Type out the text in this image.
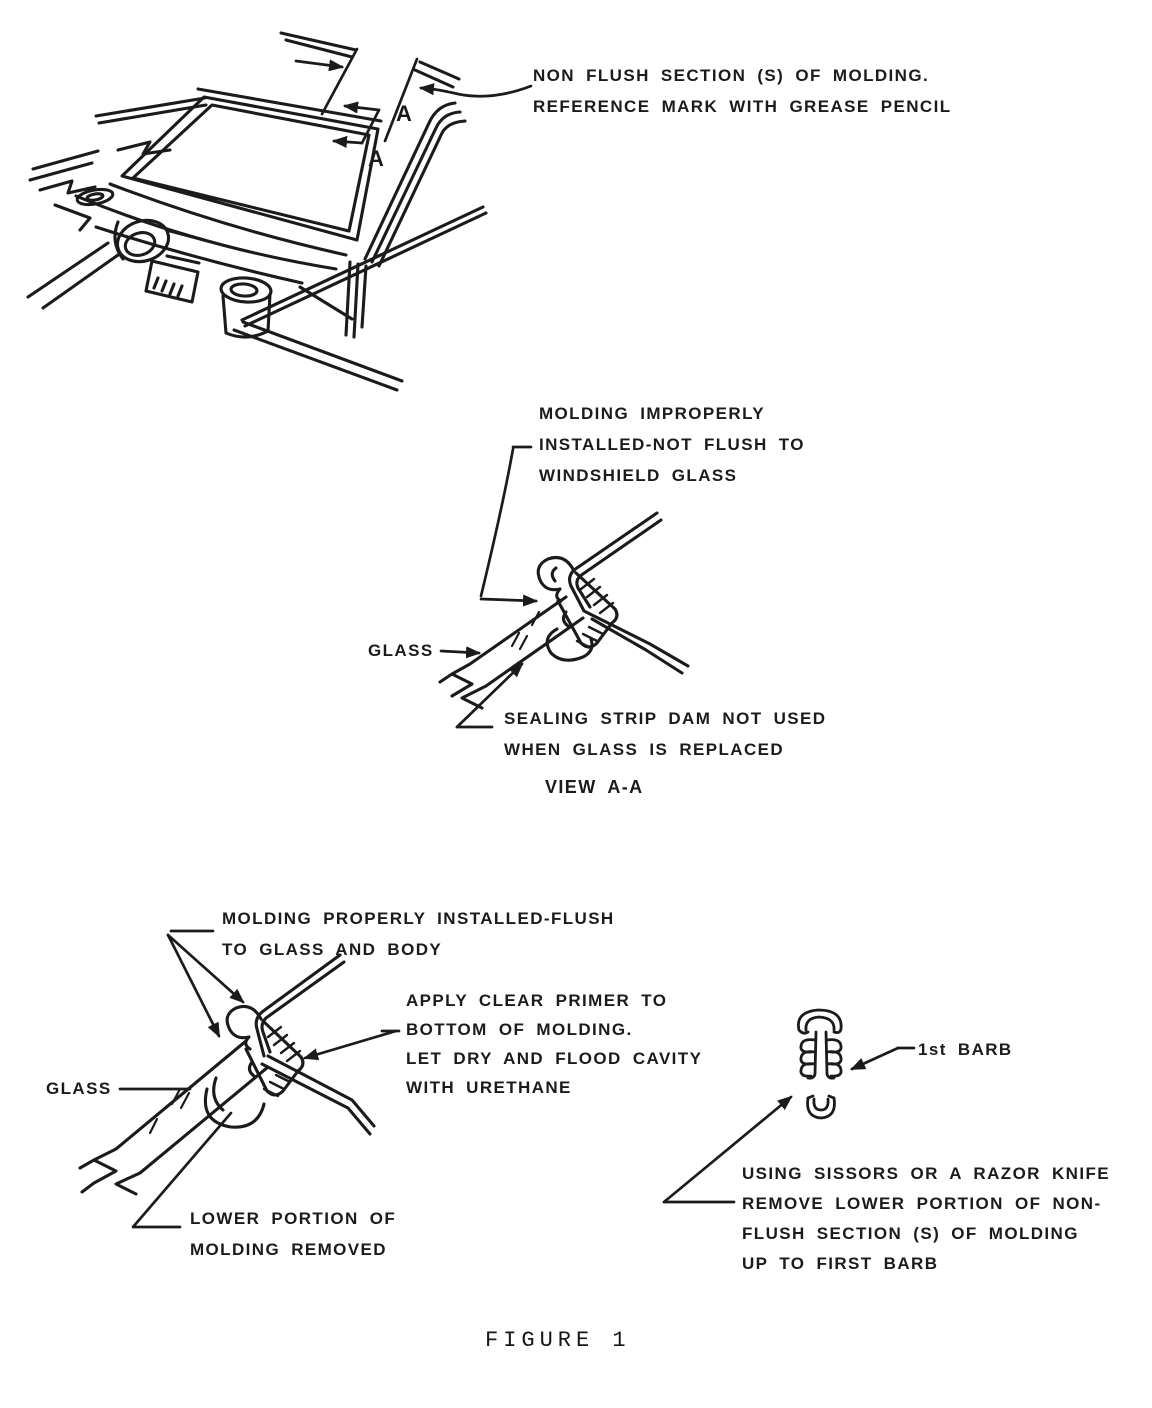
NON FLUSH SECTION (S) OF MOLDING.
REFERENCE MARK WITH GREASE PENCIL
A
A
MOLDING IMPROPERLY
INSTALLED-NOT FLUSH TO
WINDSHIELD GLASS
GLASS
SEALING STRIP DAM NOT USED
WHEN GLASS IS REPLACED
VIEW A-A
MOLDING PROPERLY INSTALLED-FLUSH
TO GLASS AND BODY
APPLY CLEAR PRIMER TO
BOTTOM OF MOLDING.
LET DRY AND FLOOD CAVITY
WITH URETHANE
GLASS
LOWER PORTION OF
MOLDING REMOVED
1st BARB
USING SISSORS OR A RAZOR KNIFE
REMOVE LOWER PORTION OF NON-
FLUSH SECTION (S) OF MOLDING
UP TO FIRST BARB
FIGURE 1
